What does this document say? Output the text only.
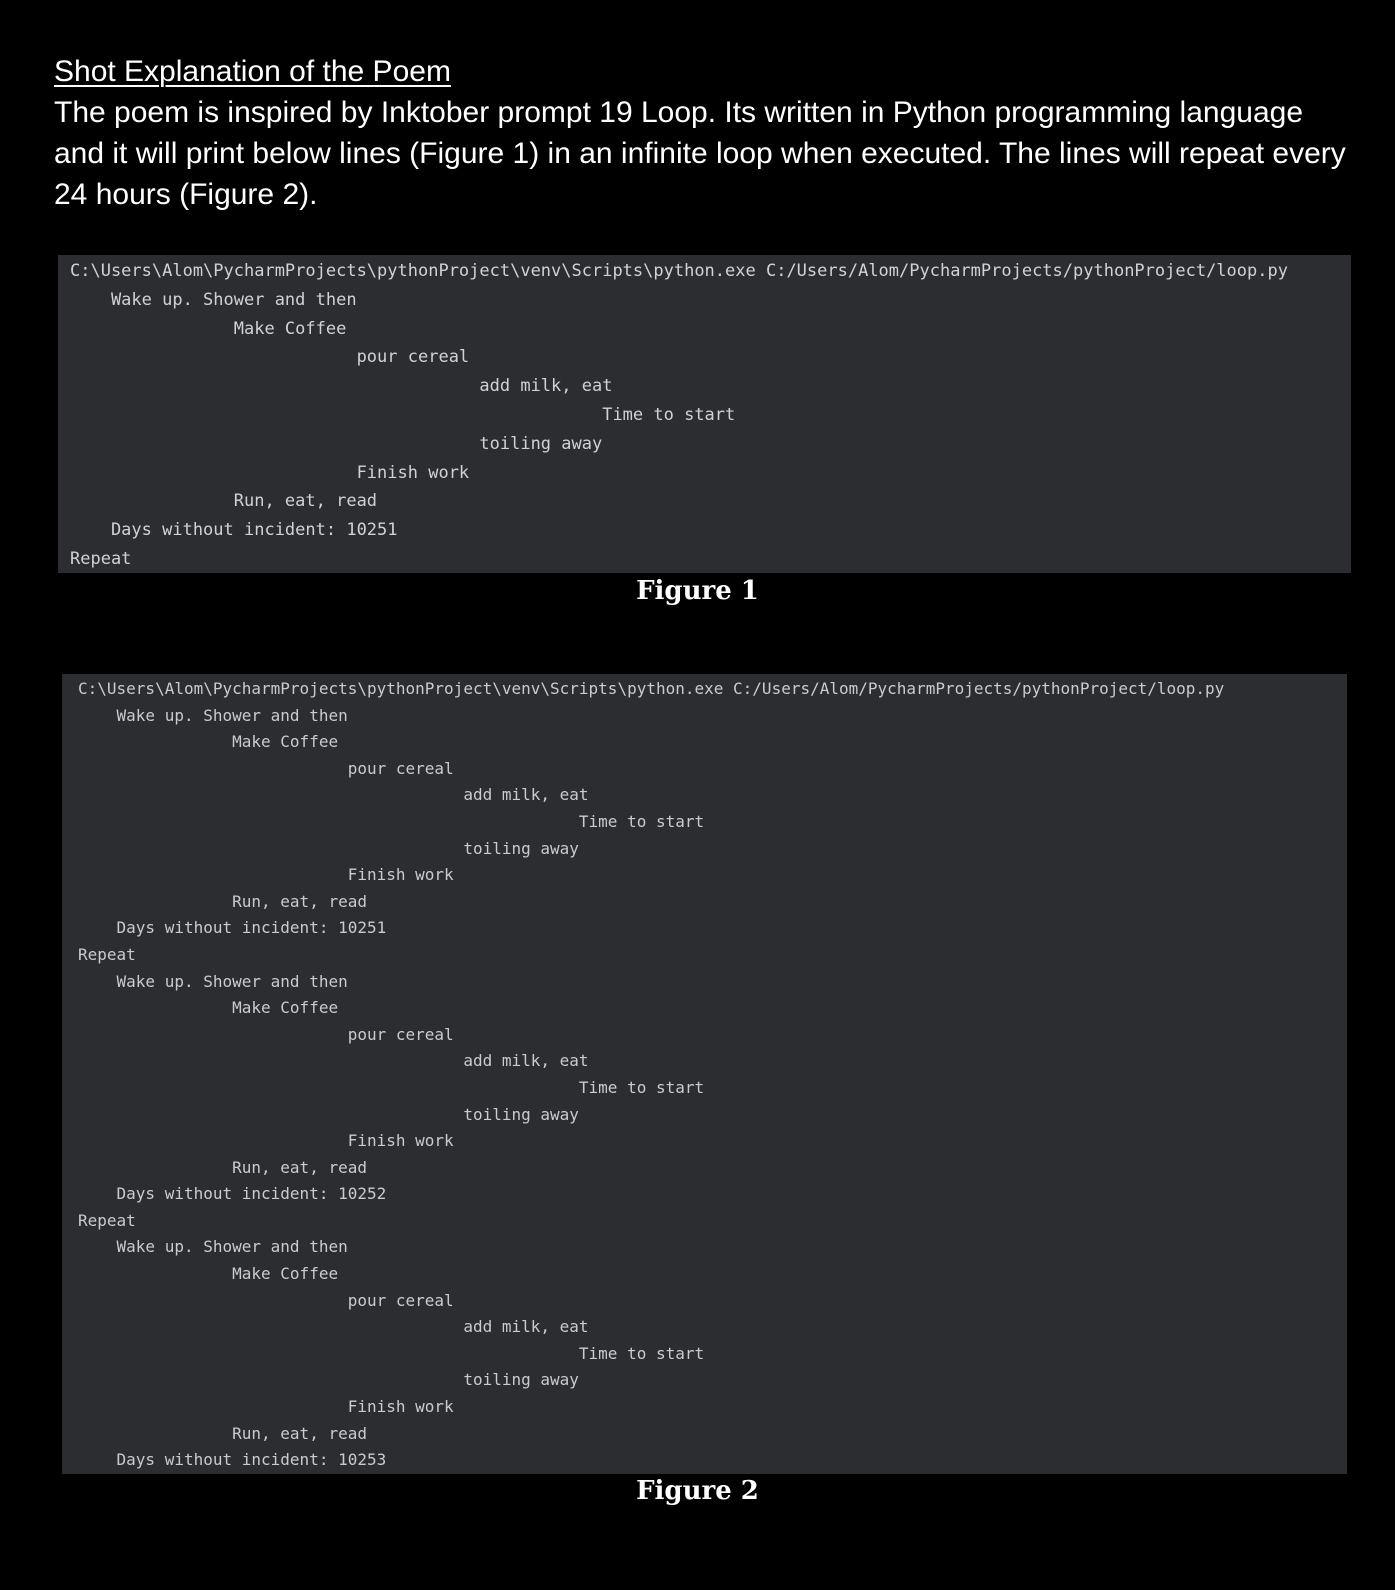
Shot Explanation of the Poem

The poem is inspired by Inktober prompt 19 Loop. Its written in Python programming language and it will print below lines (Figure 1) in an infinite loop when executed. The lines will repeat every 24 hours (Figure 2).

C:\Users\Alom\PycharmProjects\pythonProject\venv\Scripts\python.exe C:/Users/Alom/PycharmProjects/pythonProject/loop.py
Wake up. Shower and then
Make Coffee
pour cereal
add milk, eat
Time to start
toiling away
Finish work
Run, eat, read
Days without incident: 10251
Repeat
Figure 1
C:\Users\Alom\PycharmProjects\pythonProject\venv\Scripts\python.exe C:/Users/Alom/PycharmProjects/pythonProject/loop.py
Wake up. Shower and then
Make Coffee
pour cereal
add milk, eat
Time to start
toiling away
Finish work
Run, eat, read
Days without incident: 10251
Repeat
Wake up. Shower and then
Make Coffee
pour cereal
add milk, eat
Time to start
toiling away
Finish work
Run, eat, read
Days without incident: 10252
Repeat
Wake up. Shower and then
Make Coffee
pour cereal
add milk, eat
Time to start
toiling away
Finish work
Run, eat, read
Days without incident: 10253
Figure 2
